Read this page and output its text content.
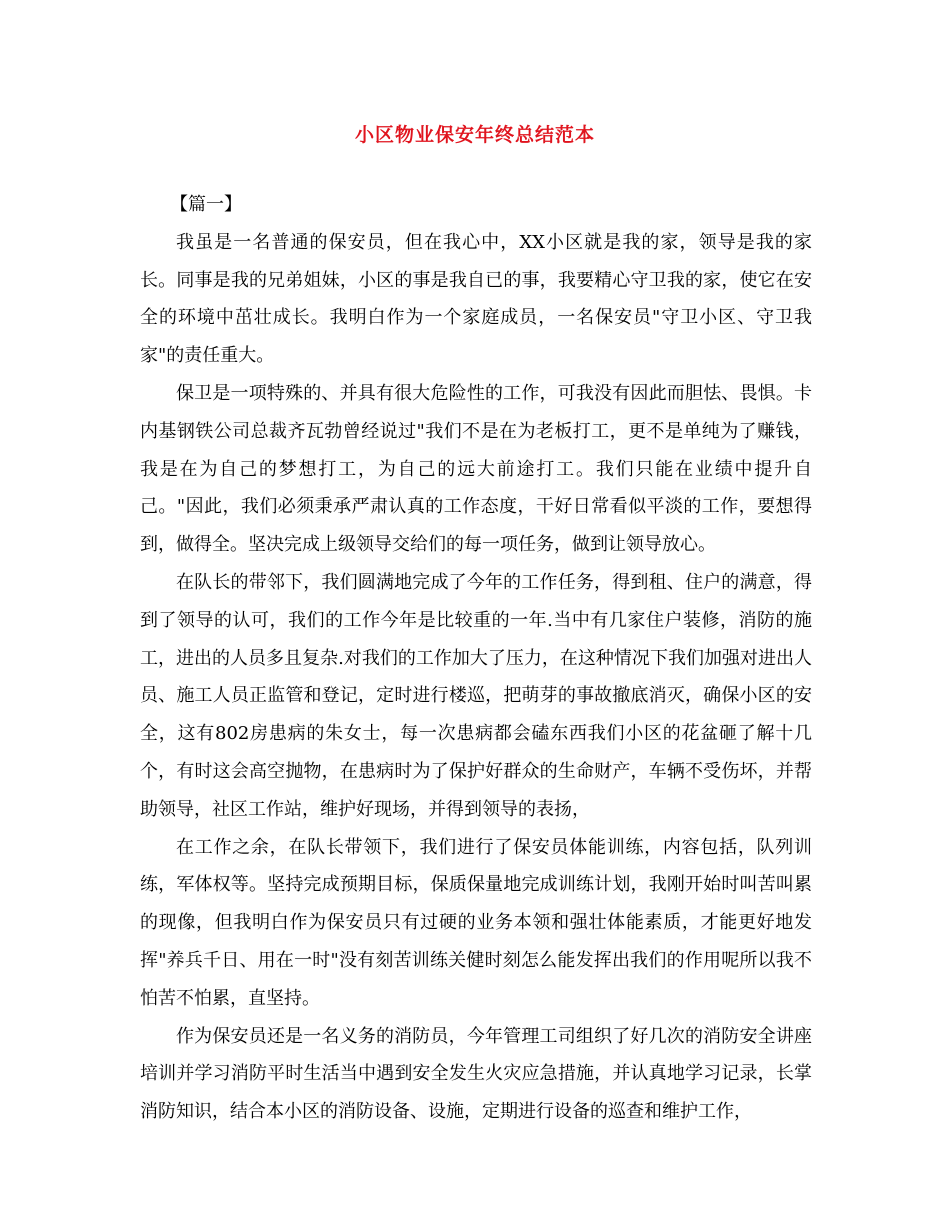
小区物业保安年终总结范本

【篇一】

我虽是一名普通的保安员，但在我心中，XX小区就是我的家，领导是我的家长。同事是我的兄弟姐妹，小区的事是我自已的事，我要精心守卫我的家，使它在安全的环境中茁壮成长。我明白作为一个家庭成员，一名保安员"守卫小区、守卫我家"的责任重大。

保卫是一项特殊的、并具有很大危险性的工作，可我没有因此而胆怯、畏惧。卡内基钢铁公司总裁齐瓦勃曾经说过"我们不是在为老板打工，更不是单纯为了赚钱，我是在为自己的梦想打工，为自己的远大前途打工。我们只能在业绩中提升自己。"因此，我们必须秉承严肃认真的工作态度，干好日常看似平淡的工作，要想得到，做得全。坚决完成上级领导交给们的每一项任务，做到让领导放心。

在队长的带邻下，我们圆满地完成了今年的工作任务，得到租、住户的满意，得到了领导的认可，我们的工作今年是比较重的一年.当中有几家住户装修，消防的施工，进出的人员多且复杂.对我们的工作加大了压力，在这种情况下我们加强对进出人员、施工人员正监管和登记，定时进行楼巡，把萌芽的事故撤底消灭，确保小区的安全，这有802房患病的朱女士，每一次患病都会磕东西我们小区的花盆砸了解十几个，有时这会高空抛物，在患病时为了保护好群众的生命财产，车辆不受伤坏，并帮助领导，社区工作站，维护好现场，并得到领导的表扬，

在工作之余，在队长带领下，我们进行了保安员体能训练，内容包括，队列训练，军体权等。坚持完成预期目标，保质保量地完成训练计划，我刚开始时叫苦叫累的现像，但我明白作为保安员只有过硬的业务本领和强壮体能素质，才能更好地发挥"养兵千日、用在一时"没有刻苦训练关健时刻怎么能发挥出我们的作用呢所以我不怕苦不怕累，直坚持。

作为保安员还是一名义务的消防员，今年管理工司组织了好几次的消防安全讲座培训并学习消防平时生活当中遇到安全发生火灾应急措施，并认真地学习记录，长掌消防知识，结合本小区的消防设备、设施，定期进行设备的巡查和维护工作，
